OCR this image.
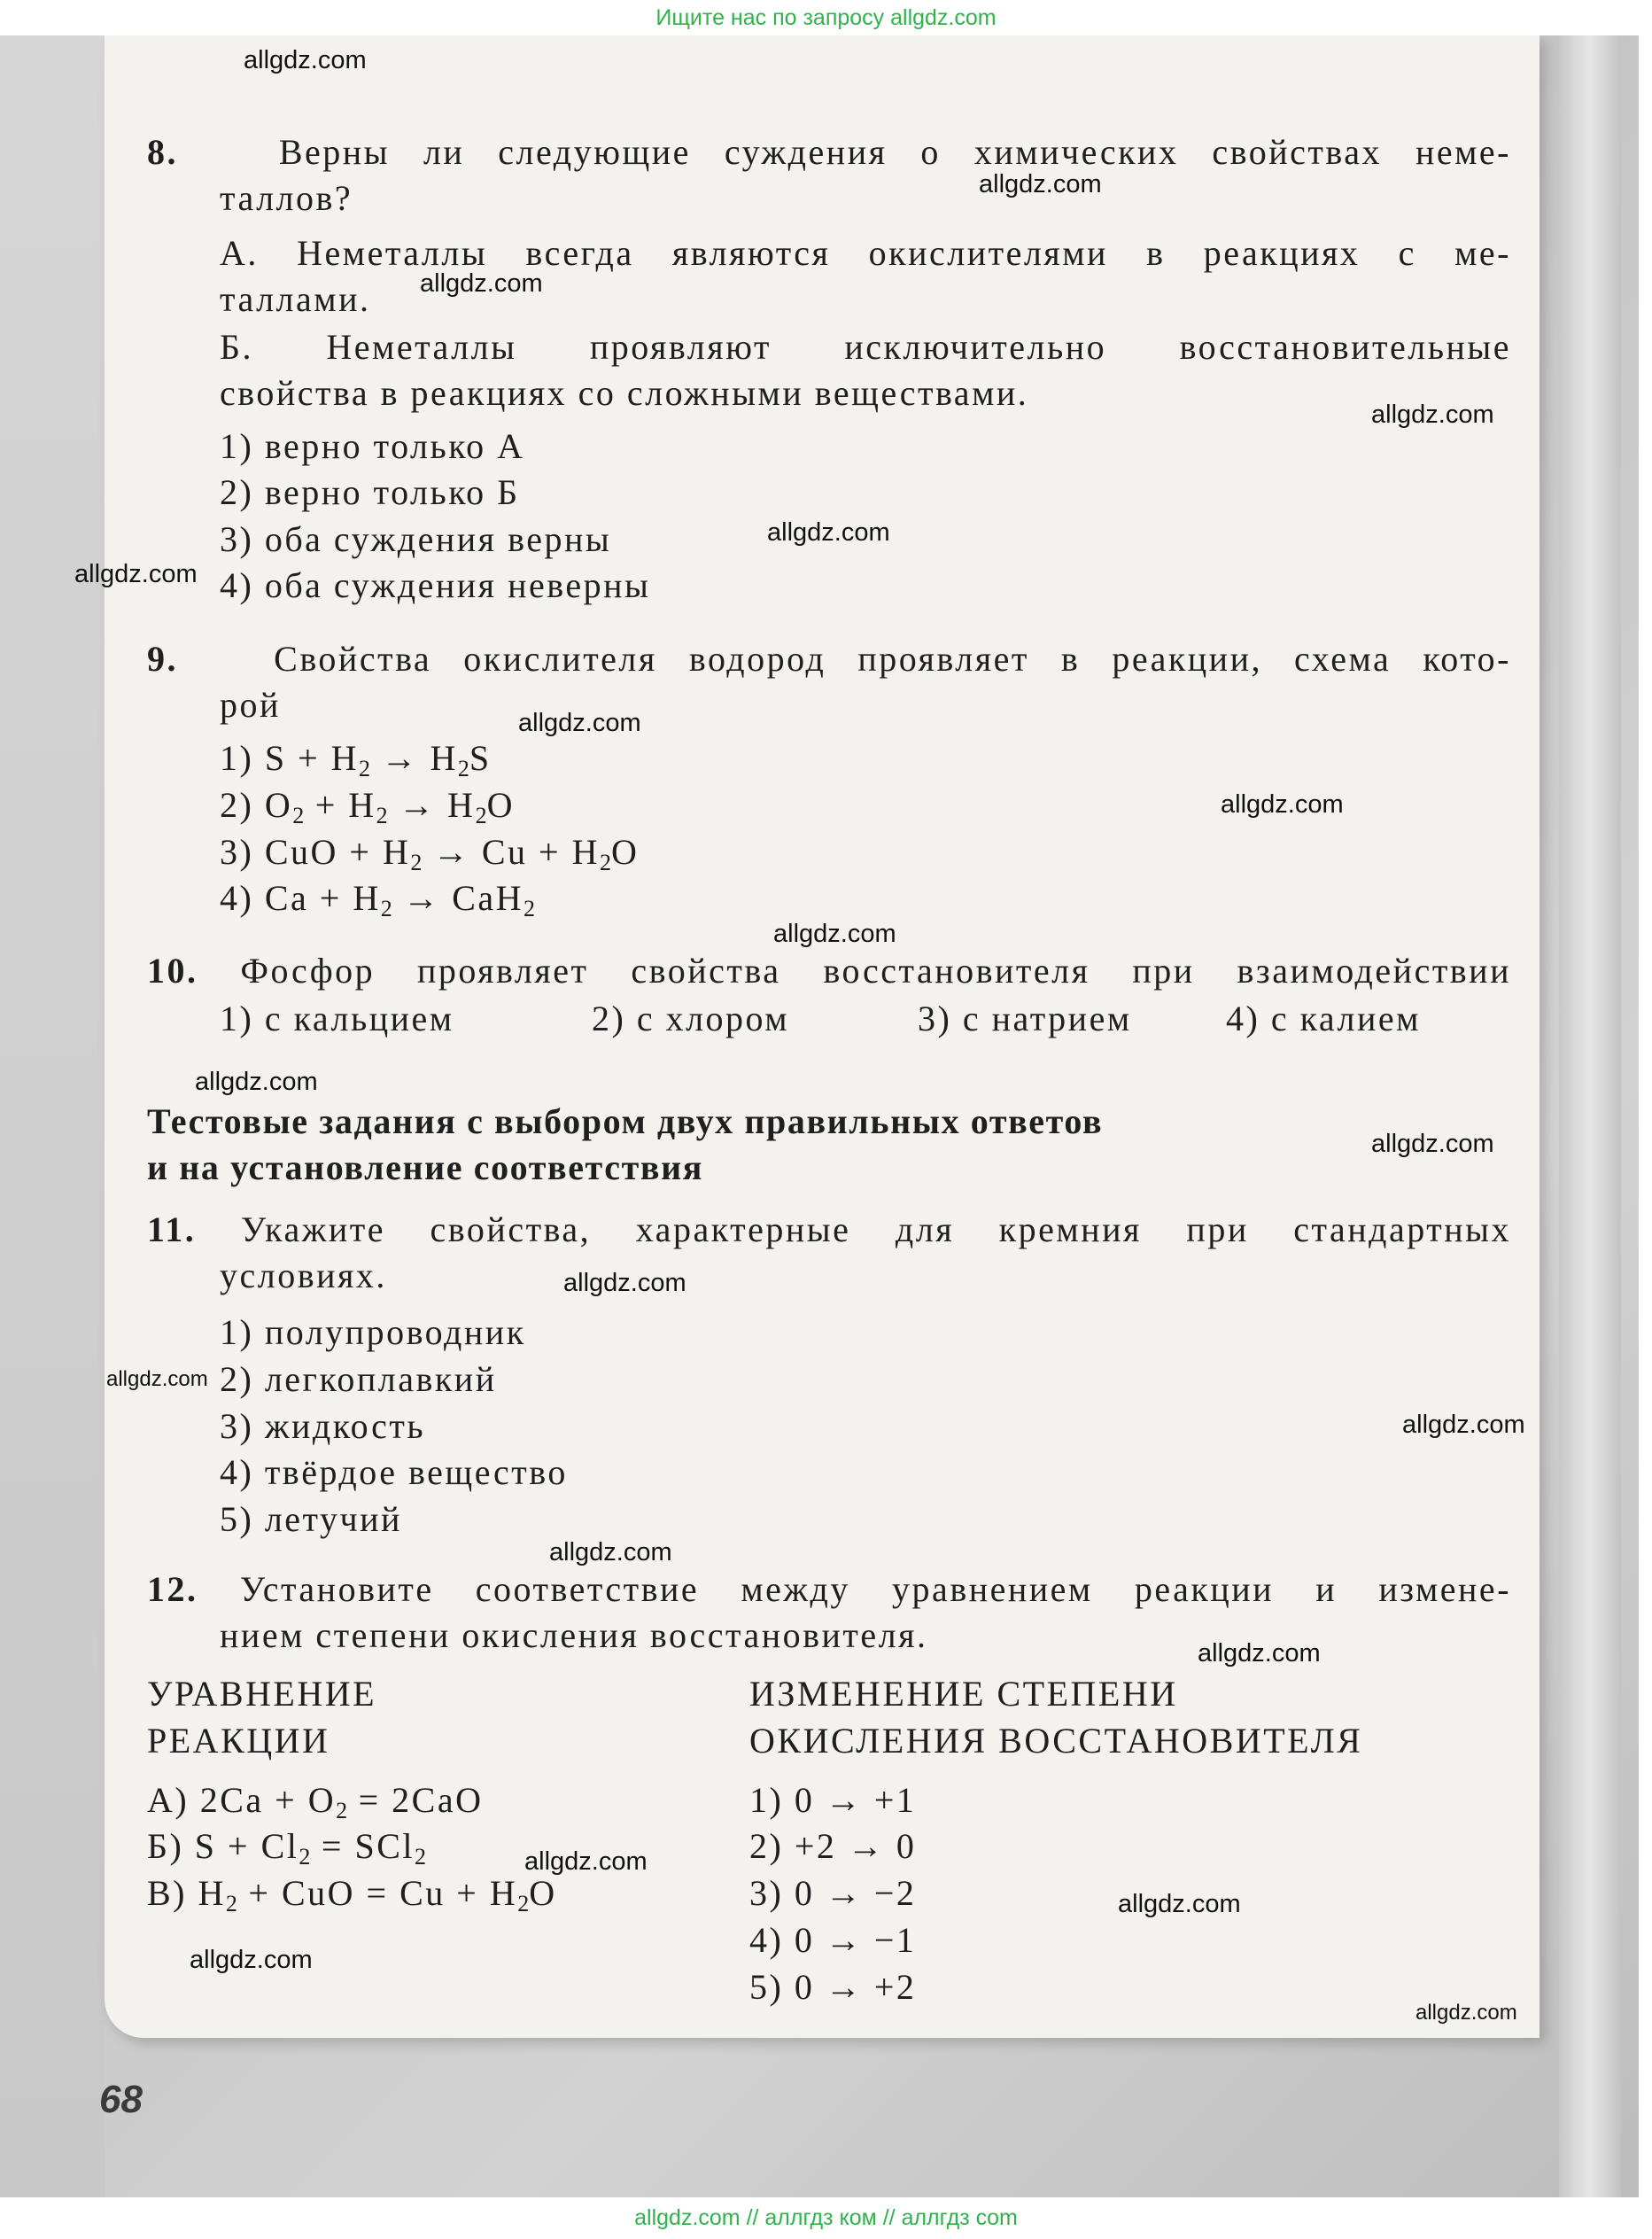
Ищите нас по запросу allgdz.com
allgdz.com
allgdz.com
allgdz.com
allgdz.com
allgdz.com
allgdz.com
allgdz.com
allgdz.com
allgdz.com
allgdz.com
allgdz.com
allgdz.com
allgdz.com
allgdz.com
allgdz.com
allgdz.com
allgdz.com
allgdz.com
allgdz.com
allgdz.com
8.	Верны ли следующие суждения о химических свойствах неме-
таллов?
А. Неметаллы всегда являются окислителями в реакциях с ме-
таллами.
Б. Неметаллы проявляют исключительно восстановительные
свойства в реакциях со сложными веществами.
1) верно только А
2) верно только Б
3) оба суждения верны
4) оба суждения неверны
9.	Свойства окислителя водород проявляет в реакции, схема кото-
рой
1) $S + H_2 \to H_2S$
2) $O_2 + H_2 \to H_2O$
3) CuO + $H_2 \to Cu + H_2O$
4) $Ca + H_2 \to CaH_2$
10. Фосфор проявляет свойства восстановителя при взаимодействии
1) с кальцием	2) с хлором	3) с натрием	4) с калием
Тестовые задания с выбором двух правильных ответов
и на установление соответствия
11. Укажите свойства, характерные для кремния при стандартных
условиях.
1) полупроводник
2) легкоплавкий
3) жидкость
4) твёрдое вещество
5) летучий
12. Установите соответствие между уравнением реакции и измене-
нием степени окисления восстановителя.
УРАВНЕНИЕ
РЕАКЦИИ
ИЗМЕНЕНИЕ СТЕПЕНИ
ОКИСЛЕНИЯ ВОССТАНОВИТЕЛЯ
А) $2Ca + O_2 = 2CaO$
Б) $S + Cl_2 = SCl_2$
В) $H_2$ + CuO = $Cu + H_2O$
1) 0 → +1
2) +2 → 0
3) 0 → −2
4) 0 → −1
5) 0 → +2
68
allgdz.com // аллгдз ком // аллгдз com
